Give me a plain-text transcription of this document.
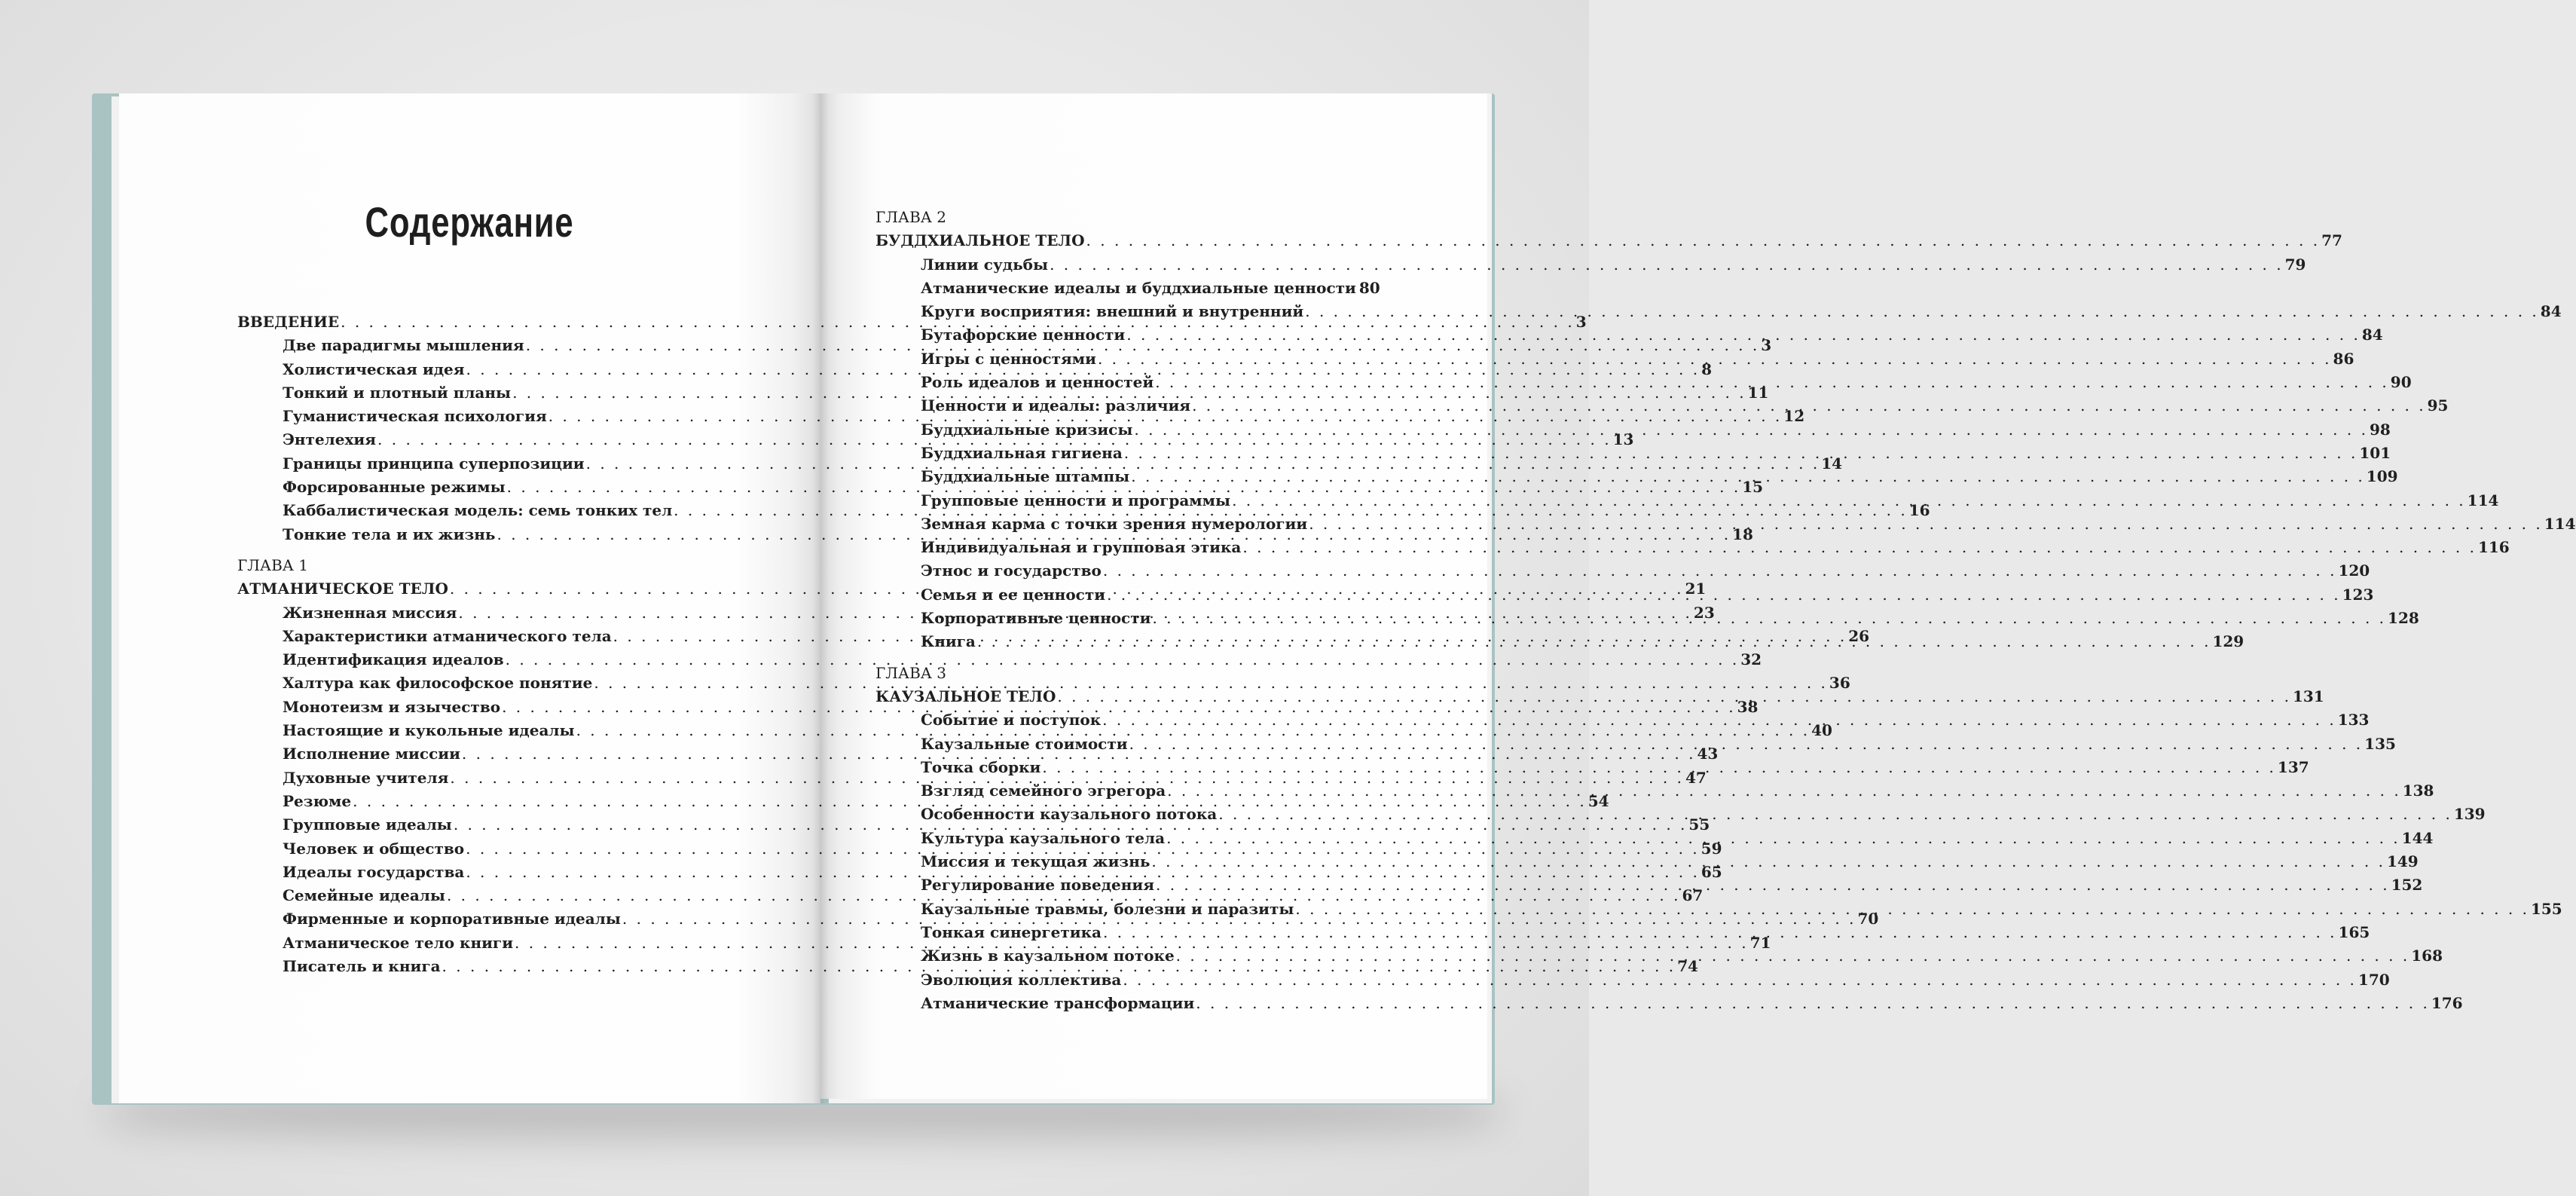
Содержание
ВВЕДЕНИЕ . . .	3
Две парадигмы мышления . . .	3
Холистическая идея . . .	8
Тонкий и плотный планы . . .	11
Гуманистическая психология . . .	12
Энтелехия . . .	13
Границы принципа суперпозиции . . .	14
Форсированные режимы . . .	15
Каббалистическая модель: семь тонких тел . . .	16
Тонкие тела и их жизнь . . .	18
ГЛАВА 1
АТМАНИЧЕСКОЕ ТЕЛО . . .	21
Жизненная миссия . . .	23
Характеристики атманического тела . . .	26
Идентификация идеалов . . .	32
Халтура как философское понятие . . .	36
Монотеизм и язычество . . .	38
Настоящие и кукольные идеалы . . .	40
Исполнение миссии . . .	43
Духовные учителя . . .	47
Резюме . . .	54
Групповые идеалы . . .	55
Человек и общество . . .	59
Идеалы государства . . .	65
Семейные идеалы . . .	67
Фирменные и корпоративные идеалы . . .	70
Атманическое тело книги . . .	71
Писатель и книга . . .	74
ГЛАВА 2
БУДДХИАЛЬНОЕ ТЕЛО . . .	77
Линии судьбы . . .	79
Атманические идеалы и буддхиальные ценности 80
Круги восприятия: внешний и внутренний . . .	84
Бутафорские ценности . . .	84
Игры с ценностями . . .	86
Роль идеалов и ценностей . . .	90
Ценности и идеалы: различия . . .	95
Буддхиальные кризисы . . .	98
Буддхиальная гигиена . . .	101
Буддхиальные штампы . . .	109
Групповые ценности и программы . . .	114
Земная карма с точки зрения нумерологии . . .	114
Индивидуальная и групповая этика . . .	116
Этнос и государство . . .	120
Семья и ее ценности . . .	123
Корпоративные ценности . . .	128
Книга . . .	129
ГЛАВА 3
КАУЗАЛЬНОЕ ТЕЛО . . .	131
Событие и поступок . . .	133
Каузальные стоимости . . .	135
Точка сборки . . .	137
Взгляд семейного эгрегора . . .	138
Особенности каузального потока . . .	139
Культура каузального тела . . .	144
Миссия и текущая жизнь . . .	149
Регулирование поведения . . .	152
Каузальные травмы, болезни и паразиты . . .	155
Тонкая синергетика . . .	165
Жизнь в каузальном потоке . . .	168
Эволюция коллектива . . .	170
Атманические трансформации . . .	176
